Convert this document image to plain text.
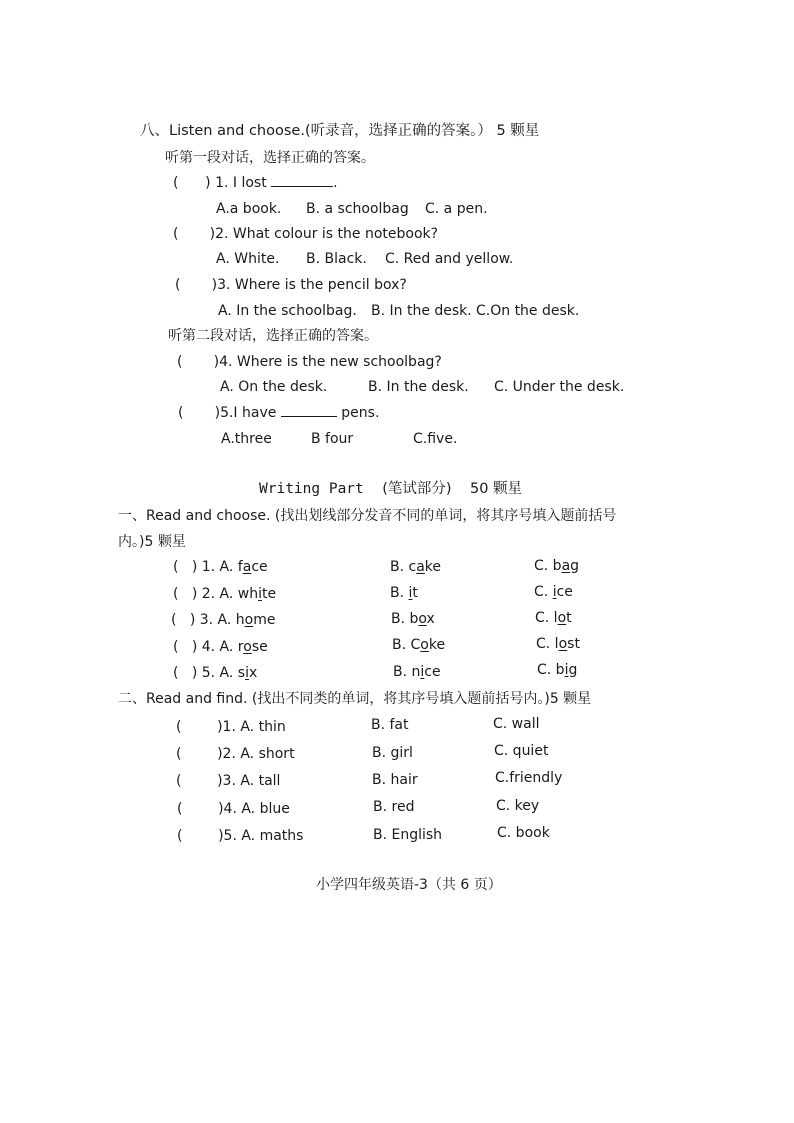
八、Listen and choose.(听录音，选择正确的答案。） 5 颗星
听第一段对话，选择正确的答案。
(      ) 1. I lost	.
A.a book. B. a schoolbag C. a pen.
(       )2. What colour is the notebook?
A. White. B. Black. C. Red and yellow.
(       )3. Where is the pencil box?
A. In the schoolbag. B. In the desk. C.On the desk.
听第二段对话，选择正确的答案。
(       )4. Where is the new schoolbag?
A. On the desk.	B. In the desk. C. Under the desk.
(       )5.I have	pens.
A.three	B four	C.five.
Writing Part (笔试部分) 50 颗星
一、Read and choose. (找出划线部分发音不同的单词，将其序号填入题前括号
内。)5 颗星
(   ) 1. A. face	B. cake	C. bag
(   ) 2. A. white	B. it	C. ice
(   ) 3. A. home	B. box	C. lot
(   ) 4. A. rose	B. Coke	C. lost
(   ) 5. A. six	B. nice	C. big
二、Read and find. (找出不同类的单词，将其序号填入题前括号内。)5 颗星
(        )1. A. thin	B. fat	C. wall
(        )2. A. short	B. girl	C. quiet
(        )3. A. tall	B. hair	C.friendly
(        )4. A. blue	B. red	C. key
(        )5. A. maths	B. English	C. book
小学四年级英语-3（共 6 页）
